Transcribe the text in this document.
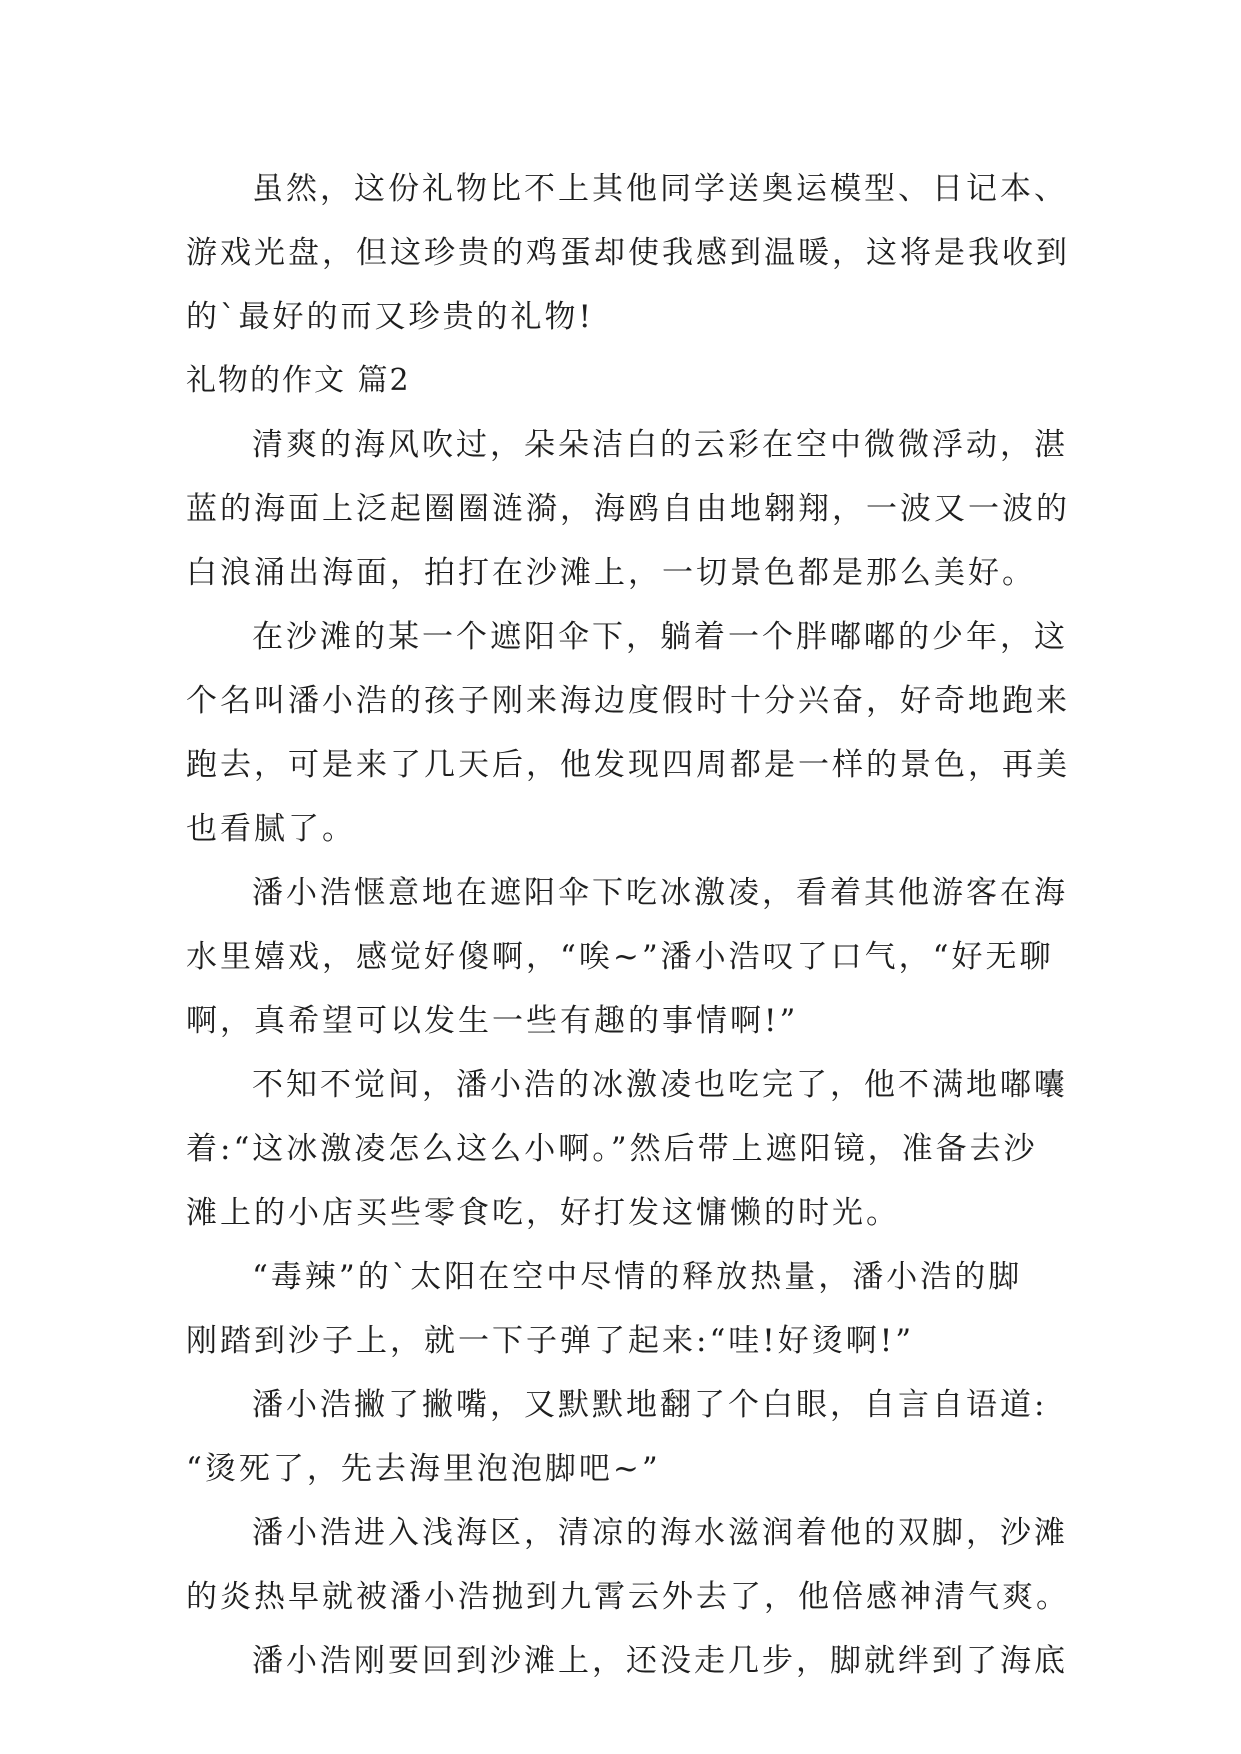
虽然，这份礼物比不上其他同学送奥运模型、日记本、
游戏光盘，但这珍贵的鸡蛋却使我感到温暖，这将是我收到
的`最好的而又珍贵的礼物!
礼物的作文 篇2
清爽的海风吹过，朵朵洁白的云彩在空中微微浮动，湛
蓝的海面上泛起圈圈涟漪，海鸥自由地翱翔，一波又一波的
白浪涌出海面，拍打在沙滩上，一切景色都是那么美好。
在沙滩的某一个遮阳伞下，躺着一个胖嘟嘟的少年，这
个名叫潘小浩的孩子刚来海边度假时十分兴奋，好奇地跑来
跑去，可是来了几天后，他发现四周都是一样的景色，再美
也看腻了。
潘小浩惬意地在遮阳伞下吃冰激凌，看着其他游客在海
水里嬉戏，感觉好傻啊，“唉~”潘小浩叹了口气，“好无聊
啊，真希望可以发生一些有趣的事情啊!”
不知不觉间，潘小浩的冰激凌也吃完了，他不满地嘟囔
着:“这冰激凌怎么这么小啊。”然后带上遮阳镜，准备去沙
滩上的小店买些零食吃，好打发这慵懒的时光。
“毒辣”的`太阳在空中尽情的释放热量，潘小浩的脚
刚踏到沙子上，就一下子弹了起来:“哇!好烫啊!”
潘小浩撇了撇嘴，又默默地翻了个白眼，自言自语道:
“烫死了，先去海里泡泡脚吧~”
潘小浩进入浅海区，清凉的海水滋润着他的双脚，沙滩
的炎热早就被潘小浩抛到九霄云外去了，他倍感神清气爽。
潘小浩刚要回到沙滩上，还没走几步，脚就绊到了海底
